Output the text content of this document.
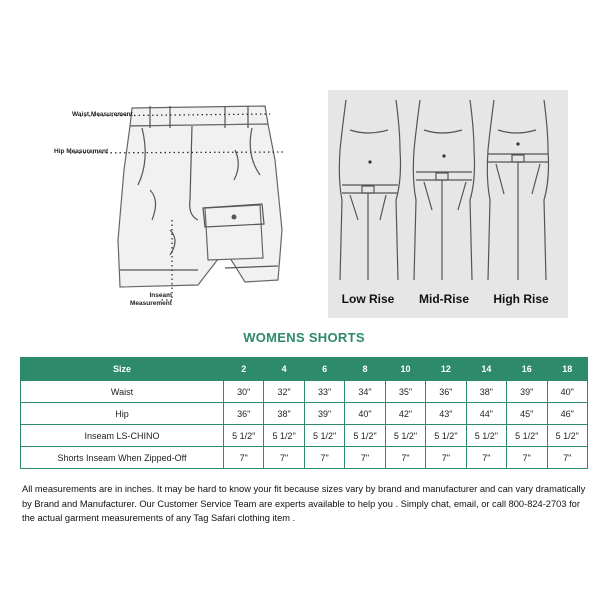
Waist Measurement
Hip Measurement
Inseam
Measurement	Low Rise	Mid-Rise	High Rise
WOMENS SHORTS
Size	2	4	6	8	10	12	14	16	18
Waist	30"	32"	33"	34"	35"	36"	38"	39"	40"
Hip	36"	38"	39"	40"	42"	43"	44"	45"	46"
Inseam LS-CHINO	5 1/2"	5 1/2"	5 1/2"	5 1/2"	5 1/2"	5 1/2"	5 1/2"	5 1/2"	5 1/2"
Shorts Inseam When Zipped-Off	7"	7"	7"	7"	7"	7"	7"	7"	7"
All measurements are in inches. It may be hard to know your fit because sizes vary by brand and manufacturer and can vary dramatically by Brand and Manufacturer. Our Customer Service Team are experts available to help you . Simply chat, email, or call 800-824-2703 for the actual garment measurements of any Tag Safari clothing item .
